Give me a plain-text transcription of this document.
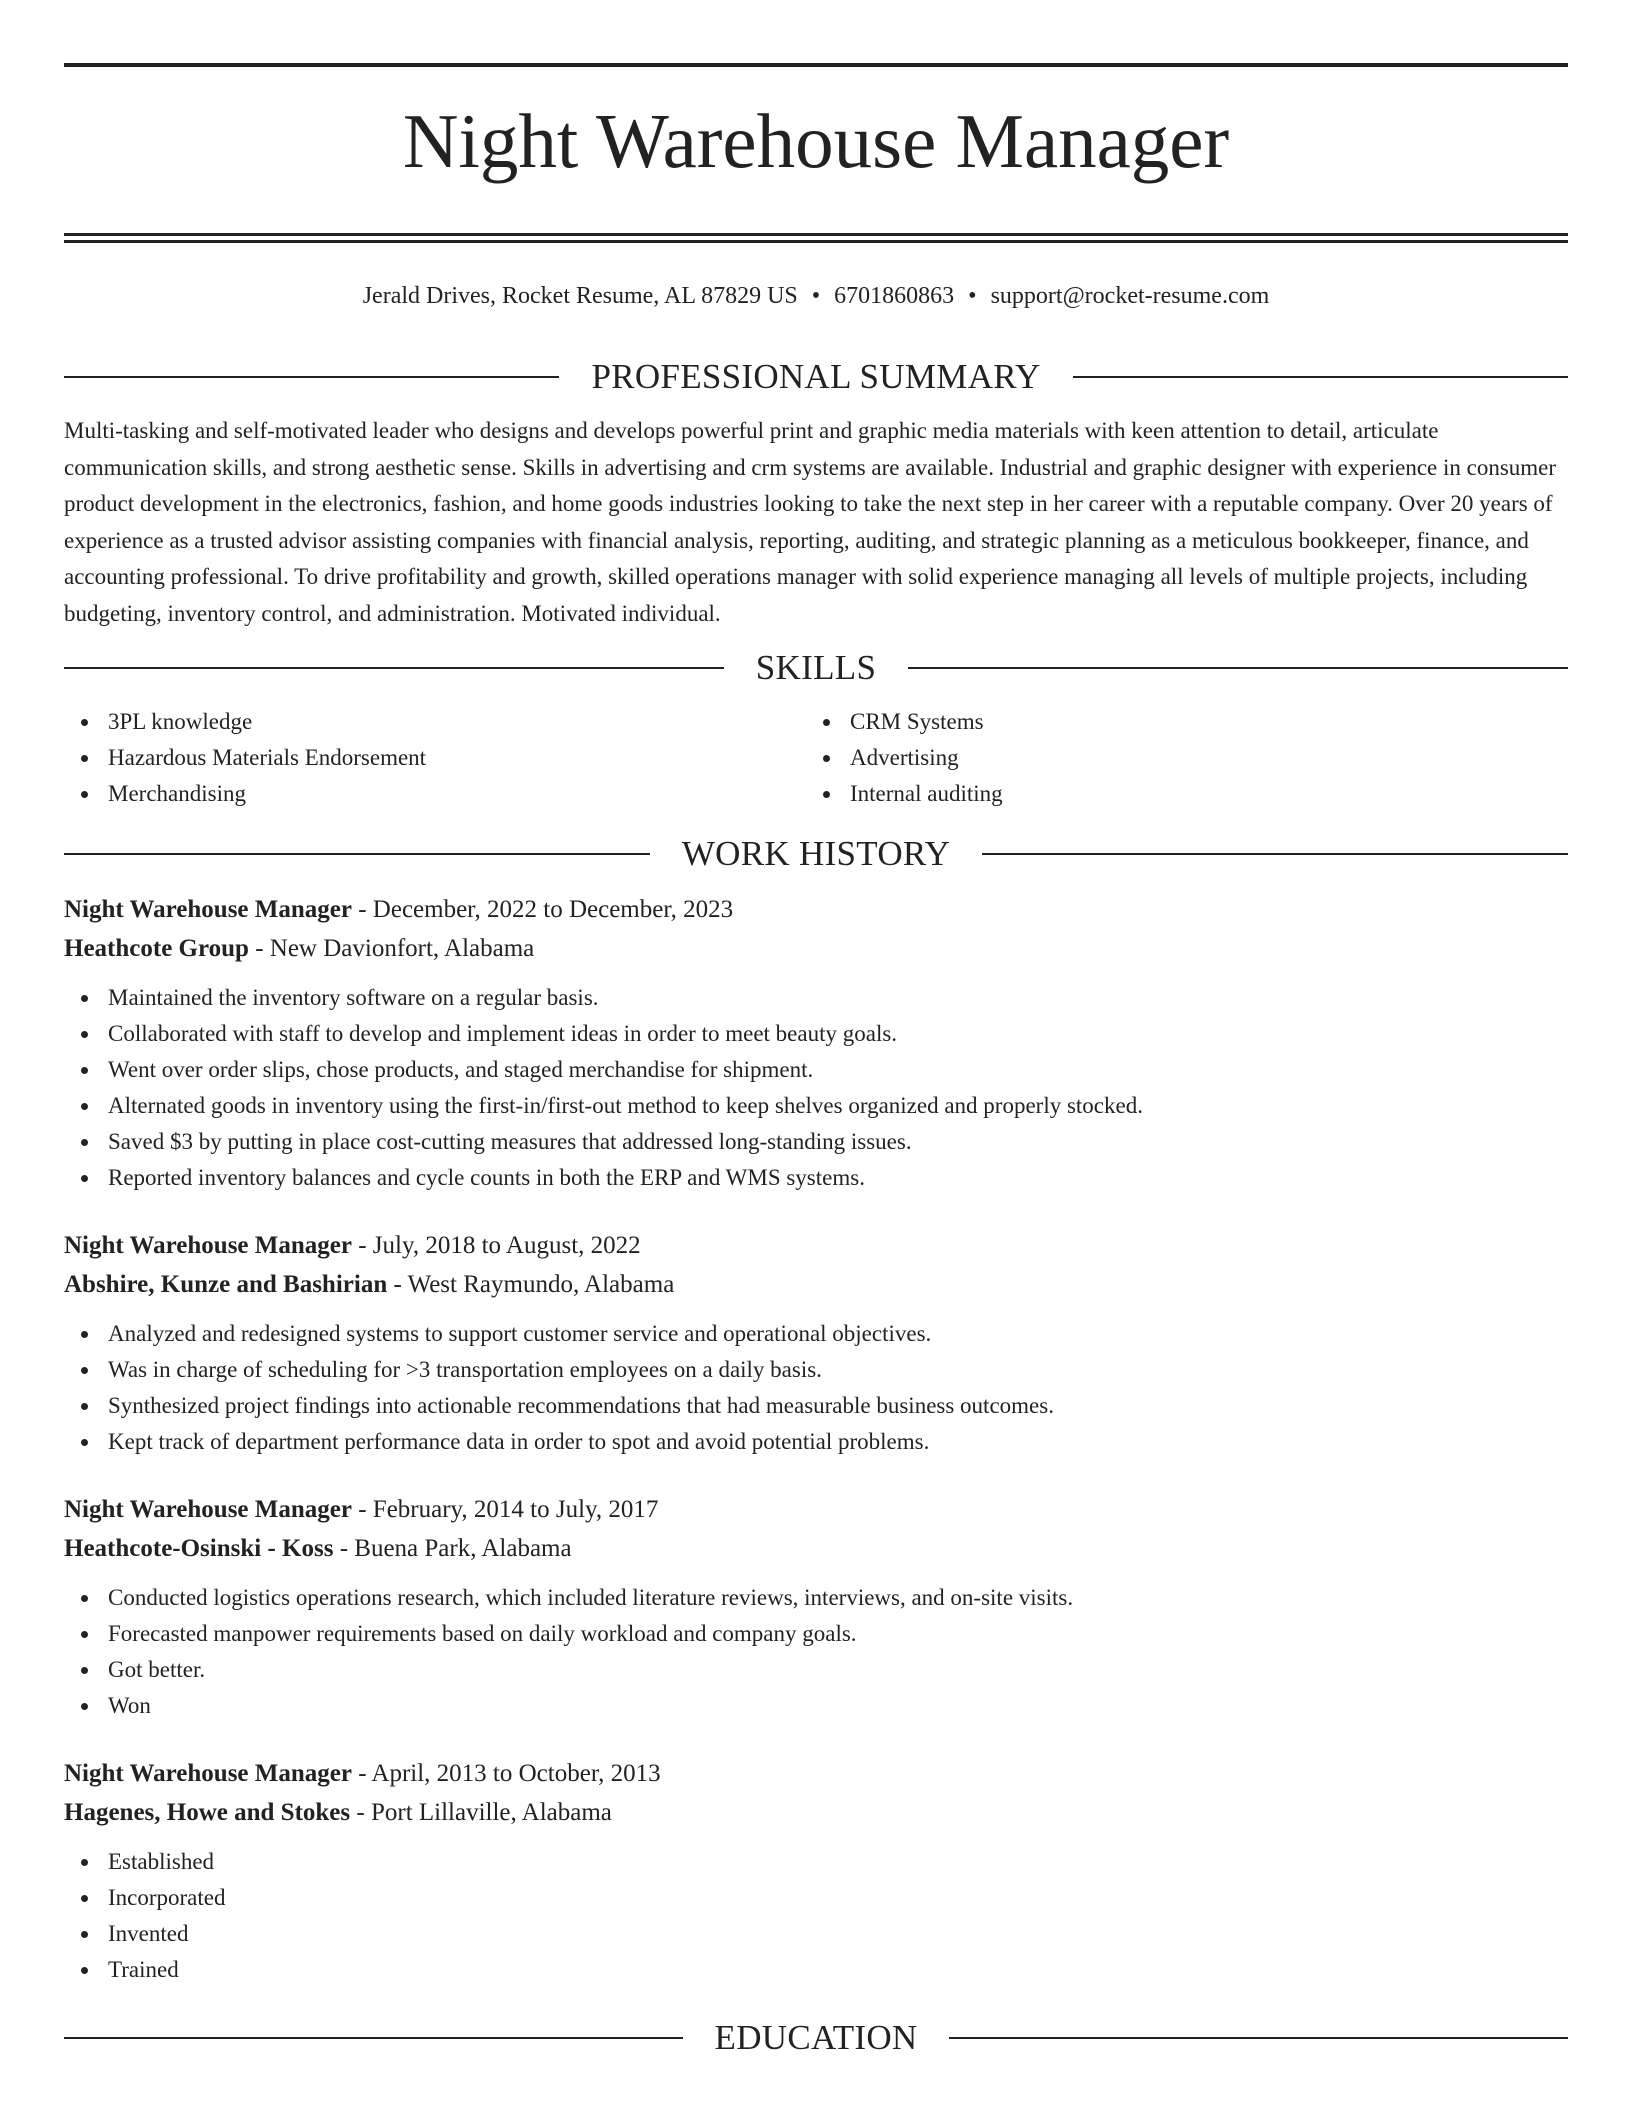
Night Warehouse Manager
Jerald Drives, Rocket Resume, AL 87829 US • 6701860863 • support@rocket-resume.com
PROFESSIONAL SUMMARY

Multi-tasking and self-motivated leader who designs and develops powerful print and graphic media materials with keen attention to detail, articulate communication skills, and strong aesthetic sense. Skills in advertising and crm systems are available. Industrial and graphic designer with experience in consumer product development in the electronics, fashion, and home goods industries looking to take the next step in her career with a reputable company. Over 20 years of experience as a trusted advisor assisting companies with financial analysis, reporting, auditing, and strategic planning as a meticulous bookkeeper, finance, and accounting professional. To drive profitability and growth, skilled operations manager with solid experience managing all levels of multiple projects, including budgeting, inventory control, and administration. Motivated individual.

SKILLS
3PL knowledge
Hazardous Materials Endorsement
Merchandising
CRM Systems
Advertising
Internal auditing
WORK HISTORY
Night Warehouse Manager - December, 2022 to December, 2023
Heathcote Group - New Davionfort, Alabama
Maintained the inventory software on a regular basis.
Collaborated with staff to develop and implement ideas in order to meet beauty goals.
Went over order slips, chose products, and staged merchandise for shipment.
Alternated goods in inventory using the first-in/first-out method to keep shelves organized and properly stocked.
Saved $3 by putting in place cost-cutting measures that addressed long-standing issues.
Reported inventory balances and cycle counts in both the ERP and WMS systems.
Night Warehouse Manager - July, 2018 to August, 2022
Abshire, Kunze and Bashirian - West Raymundo, Alabama
Analyzed and redesigned systems to support customer service and operational objectives.
Was in charge of scheduling for >3 transportation employees on a daily basis.
Synthesized project findings into actionable recommendations that had measurable business outcomes.
Kept track of department performance data in order to spot and avoid potential problems.
Night Warehouse Manager - February, 2014 to July, 2017
Heathcote-Osinski - Koss - Buena Park, Alabama
Conducted logistics operations research, which included literature reviews, interviews, and on-site visits.
Forecasted manpower requirements based on daily workload and company goals.
Got better.
Won
Night Warehouse Manager - April, 2013 to October, 2013
Hagenes, Howe and Stokes - Port Lillaville, Alabama
Established
Incorporated
Invented
Trained
EDUCATION
